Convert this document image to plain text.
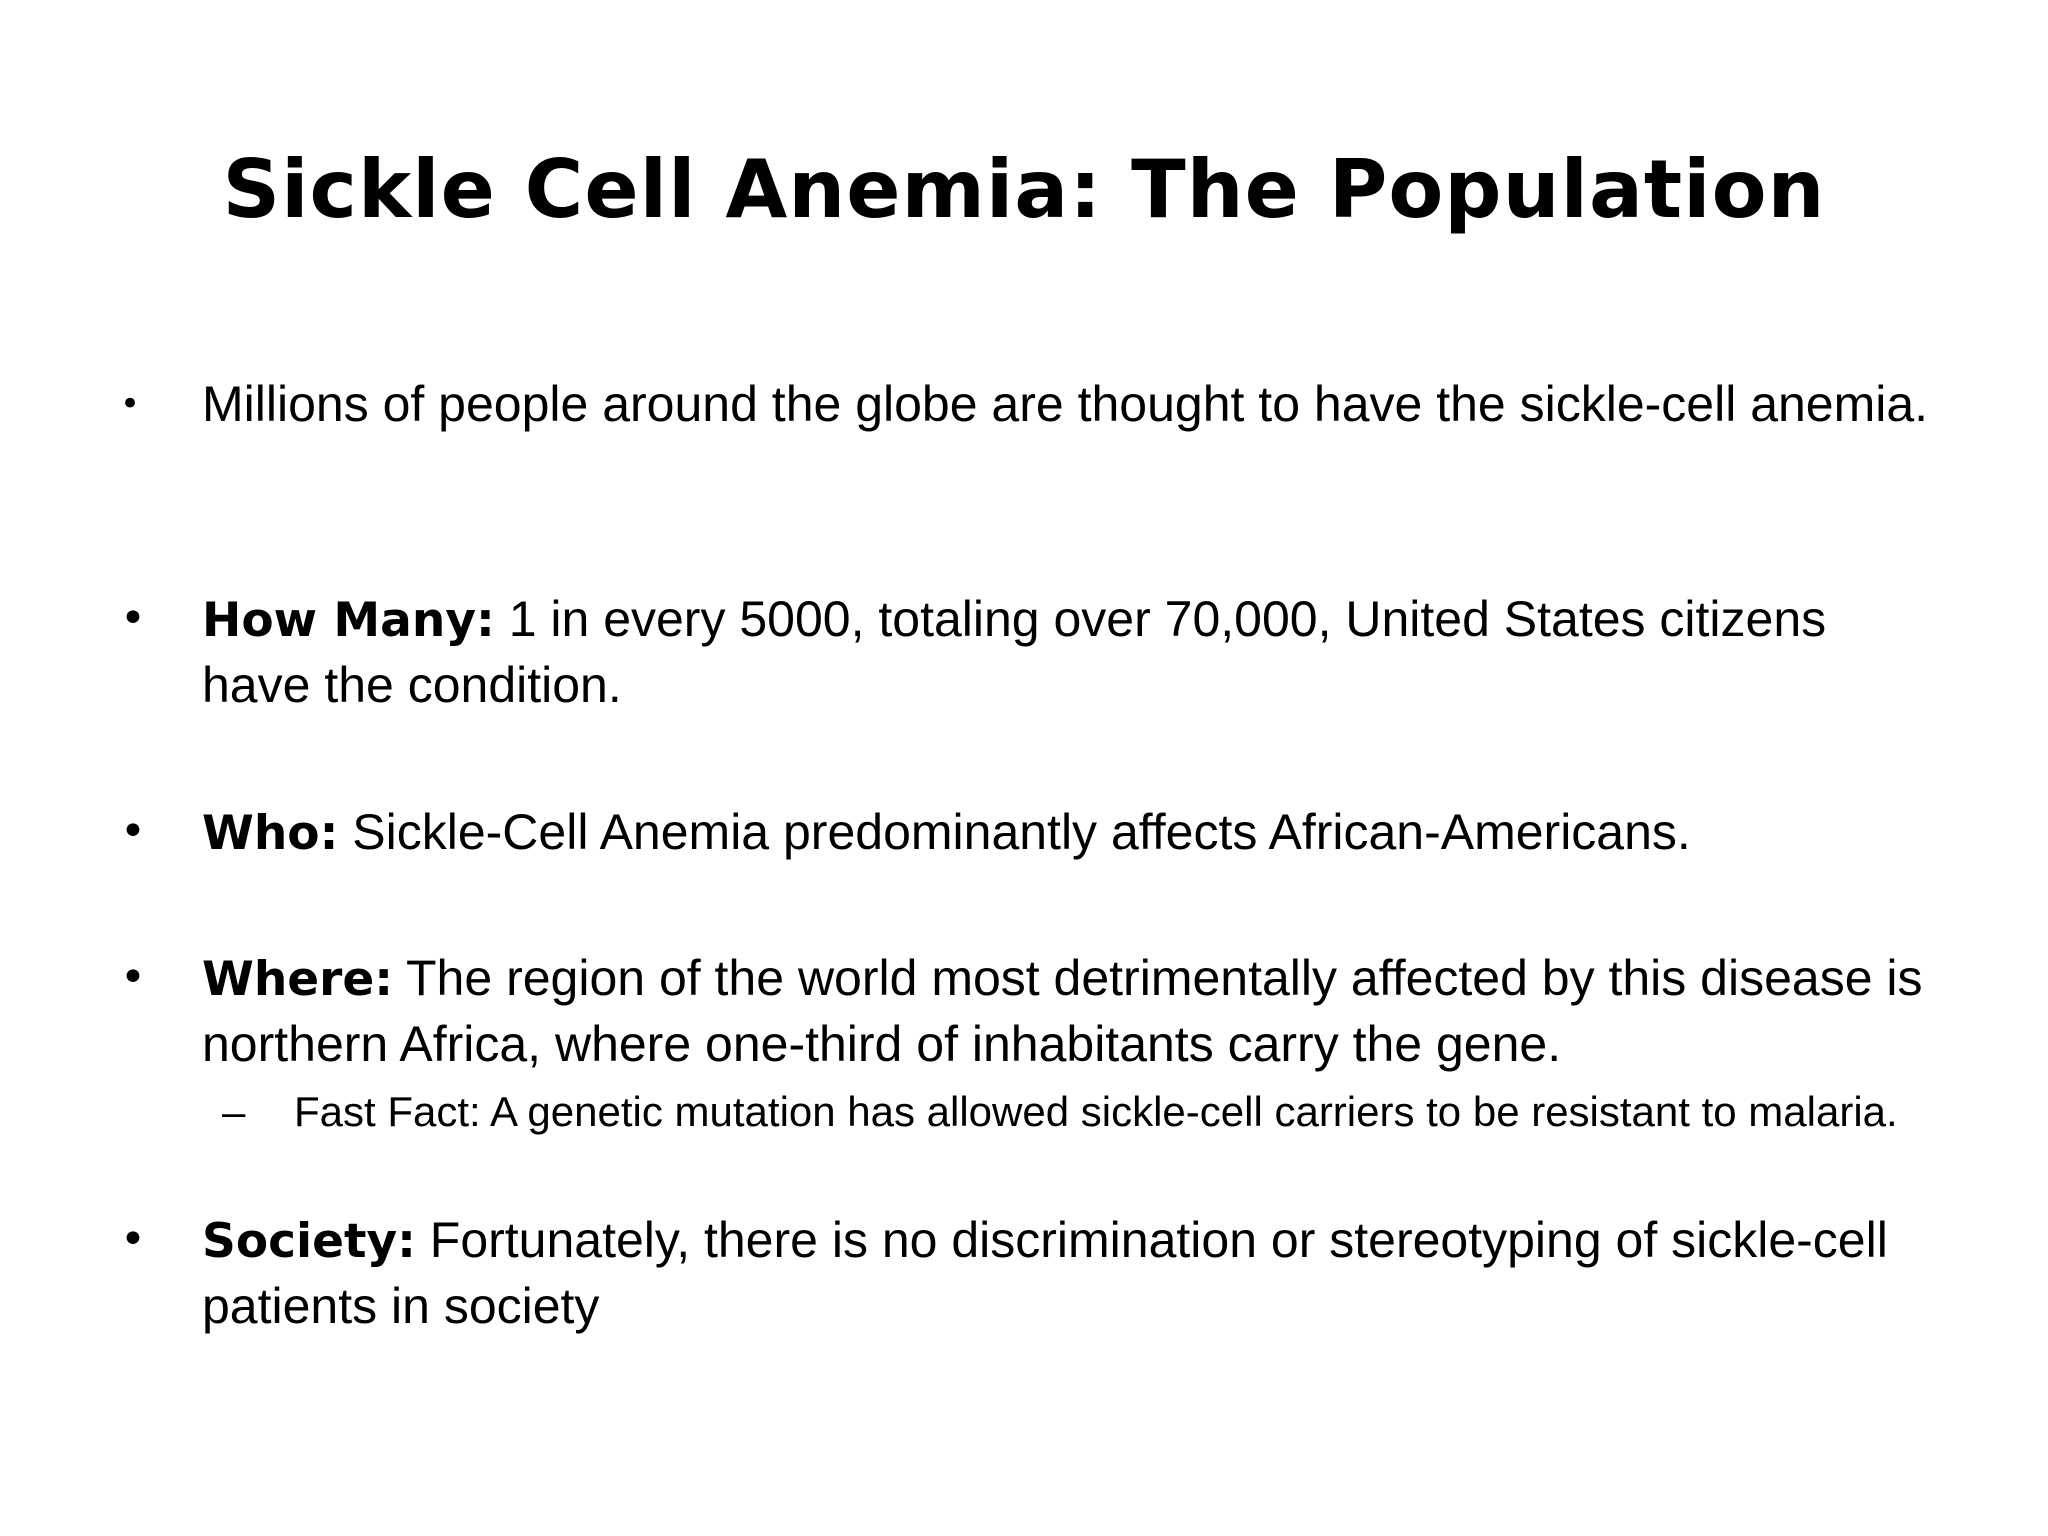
Sickle Cell Anemia: The Population
•	Millions of people around the globe are thought to have the sickle-cell anemia.
•	How Many: 1 in every 5000, totaling over 70,000, United States citizens have the condition.
•	Who: Sickle-Cell Anemia predominantly affects African-Americans.
•	Where: The region of the world most detrimentally affected by this disease is northern Africa, where one-third of inhabitants carry the gene.
–	Fast Fact: A genetic mutation has allowed sickle-cell carriers to be resistant to malaria.
•	Society: Fortunately, there is no discrimination or stereotyping of sickle-cell patients in society
